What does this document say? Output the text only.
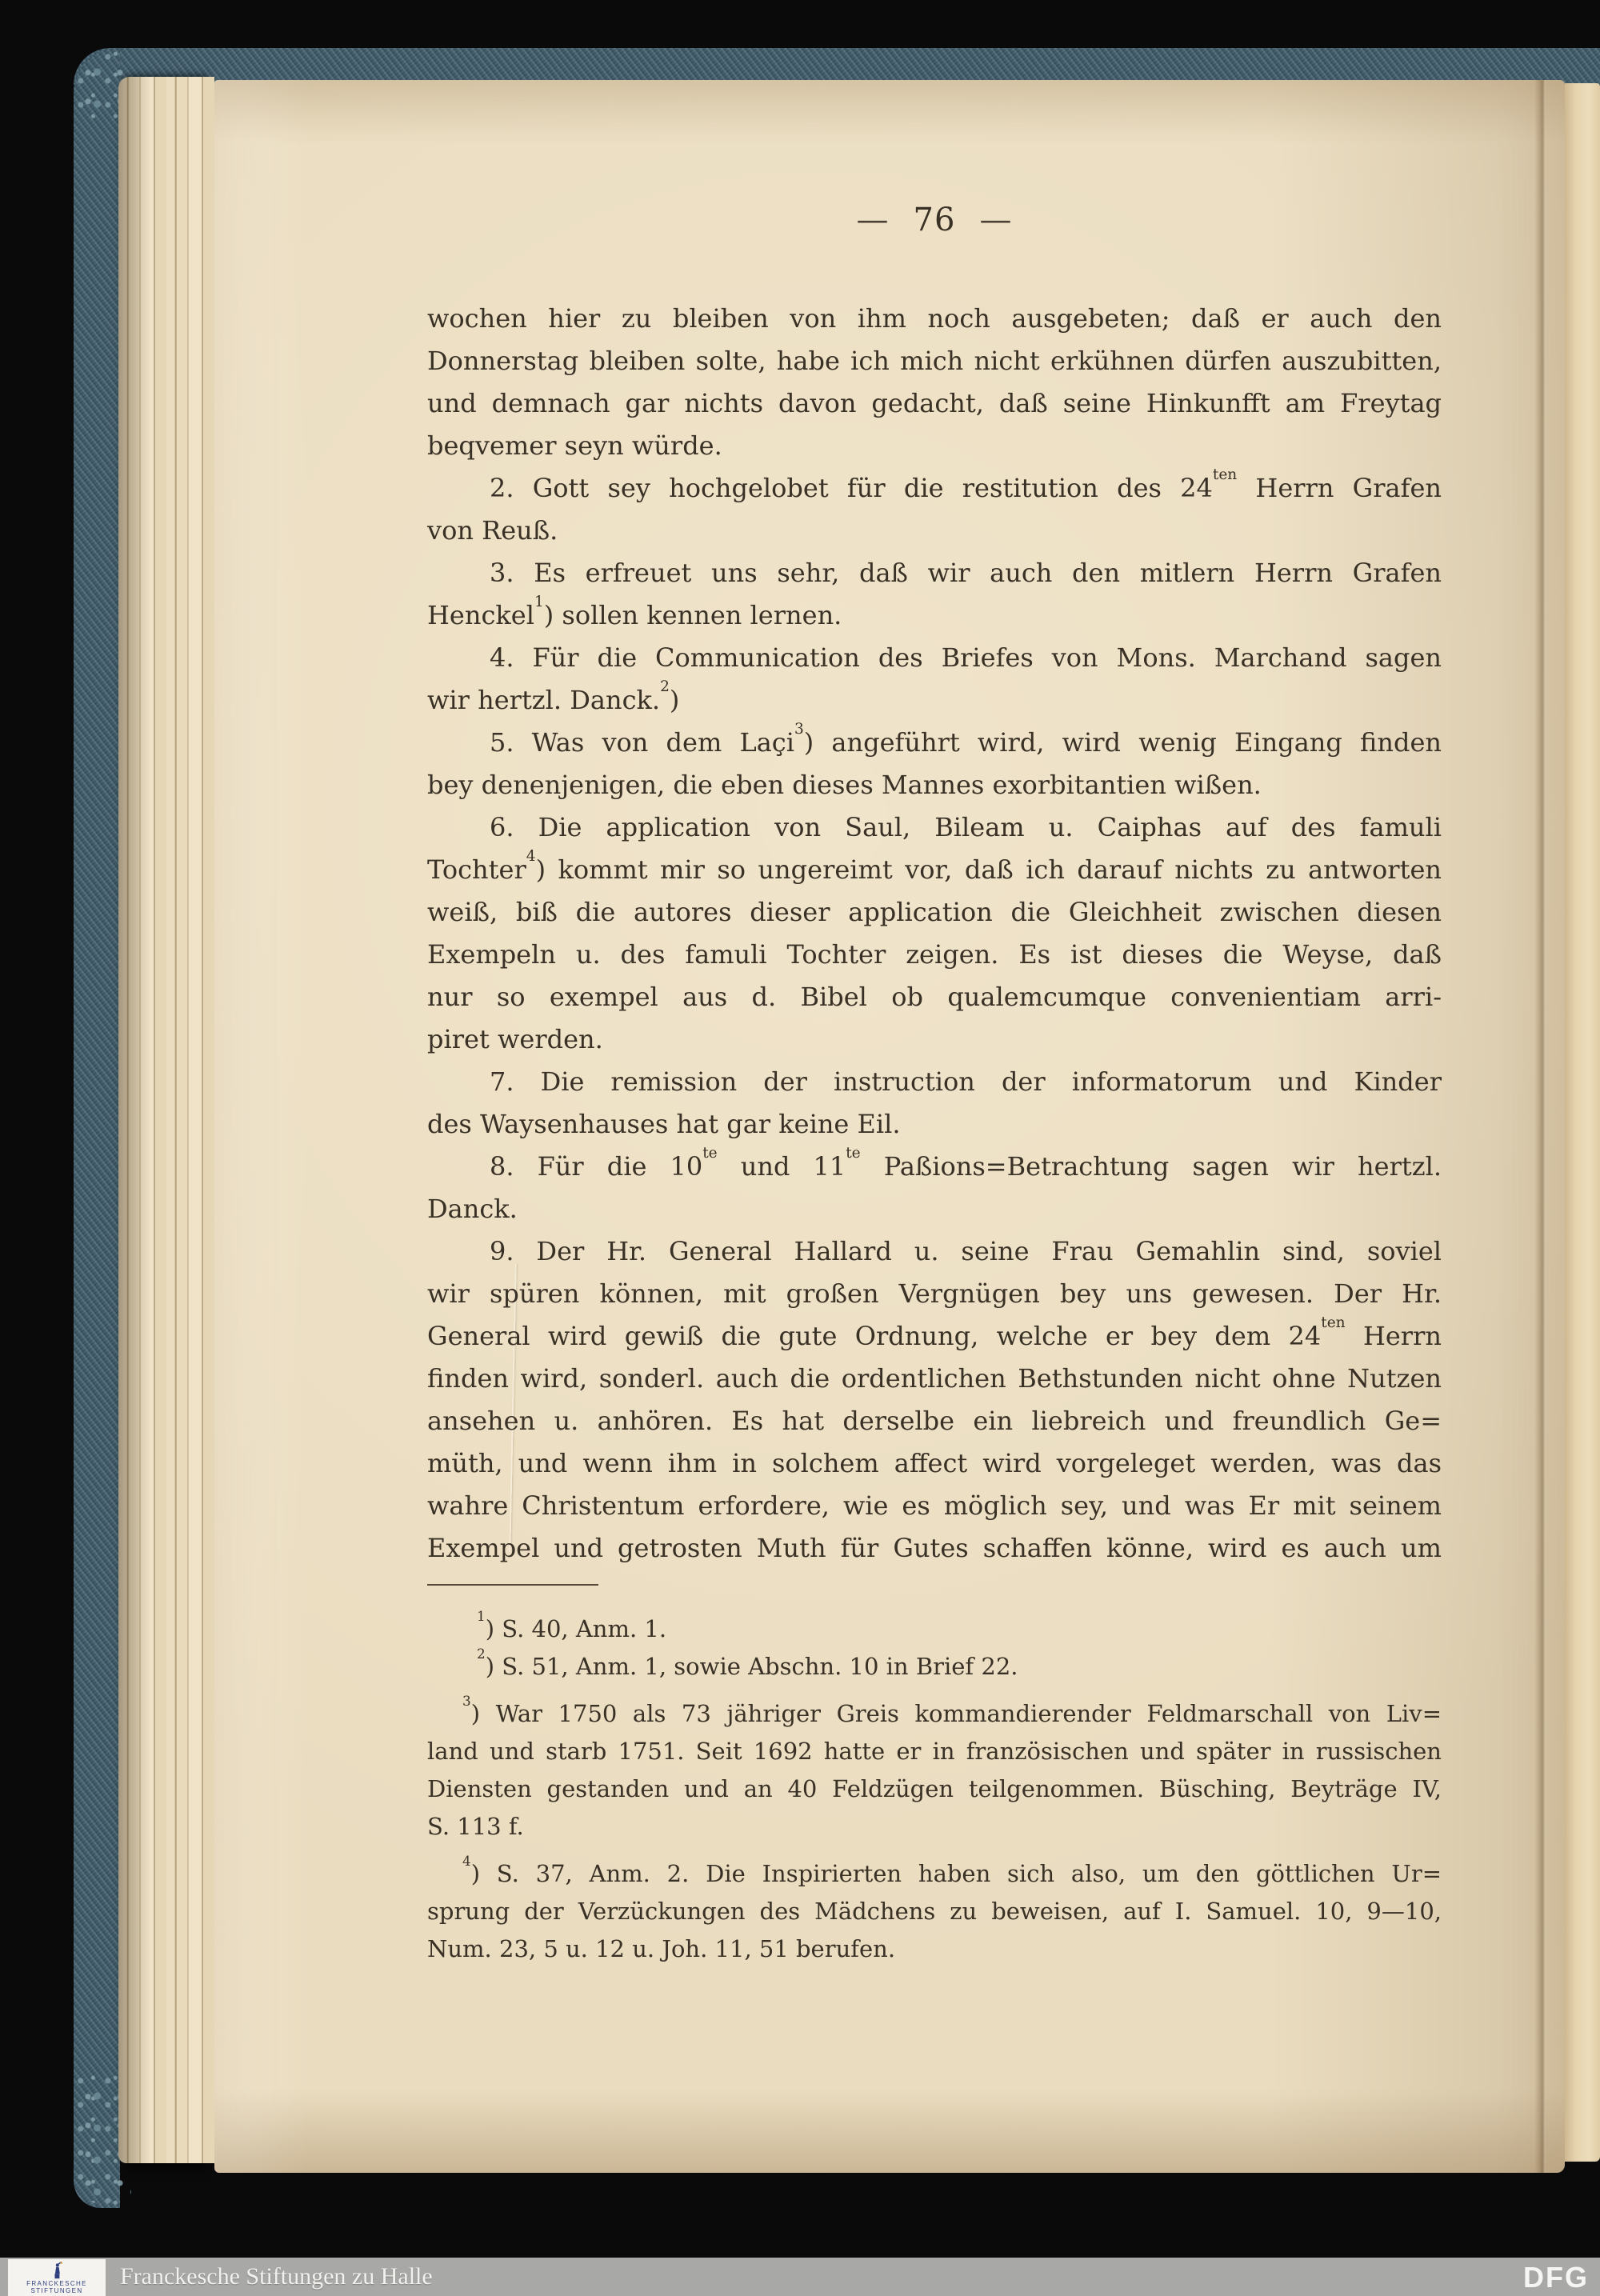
— 76 —
wochen hier zu bleiben von ihm noch ausgebeten; daß er auch den
Donnerstag bleiben solte, habe ich mich nicht erkühnen dürfen auszubitten,
und demnach gar nichts davon gedacht, daß seine Hinkunfft am Freytag
beqvemer seyn würde.
2. Gott sey hochgelobet für die restitution des $24^{ten}$ Herrn Grafen
von Reuß.
3. Es erfreuet uns sehr, daß wir auch den mitlern Herrn Grafen
Henckel$^1$) sollen kennen lernen.
4. Für die Communication des Briefes von Mons. Marchand sagen
wir hertzl. Danck.$^2$)
5. Was von dem Laçi$^3$) angeführt wird, wird wenig Eingang finden
bey denenjenigen, die eben dieses Mannes exorbitantien wißen.
6. Die application von Saul, Bileam u. Caiphas auf des famuli
Tochter$^4$) kommt mir so ungereimt vor, daß ich darauf nichts zu antworten
weiß, biß die autores dieser application die Gleichheit zwischen diesen
Exempeln u. des famuli Tochter zeigen. Es ist dieses die Weyse, daß
nur so exempel aus d. Bibel ob qualemcumque convenientiam arri-
piret werden.
7. Die remission der instruction der informatorum und Kinder
des Waysenhauses hat gar keine Eil.
8. Für die $10^{te}$ und $11^{te}$ Paßions=Betrachtung sagen wir hertzl.
Danck.
9. Der Hr. General Hallard u. seine Frau Gemahlin sind, soviel
wir spüren können, mit großen Vergnügen bey uns gewesen. Der Hr.
General wird gewiß die gute Ordnung, welche er bey dem $24^{ten}$ Herrn
finden wird, sonderl. auch die ordentlichen Bethstunden nicht ohne Nutzen
ansehen u. anhören. Es hat derselbe ein liebreich und freundlich Ge=
müth, und wenn ihm in solchem affect wird vorgeleget werden, was das
wahre Christentum erfordere, wie es möglich sey, und was Er mit seinem
Exempel und getrosten Muth für Gutes schaffen könne, wird es auch um
$^1$) S. 40, Anm. 1.
$^2$) S. 51, Anm. 1, sowie Abschn. 10 in Brief 22.
$^3$) War 1750 als 73 jähriger Greis kommandierender Feldmarschall von Liv=
land und starb 1751. Seit 1692 hatte er in französischen und später in russischen
Diensten gestanden und an 40 Feldzügen teilgenommen. Büsching, Beyträge IV,
S. 113 f.
$^4$) S. 37, Anm. 2. Die Inspirierten haben sich also, um den göttlichen Ur=
sprung der Verzückungen des Mädchens zu beweisen, auf I. Samuel. 10, 9—10,
Num. 23, 5 u. 12 u. Joh. 11, 51 berufen.
FRANCKESCHE
STIFTUNGEN
Franckesche Stiftungen zu Halle	DFG
